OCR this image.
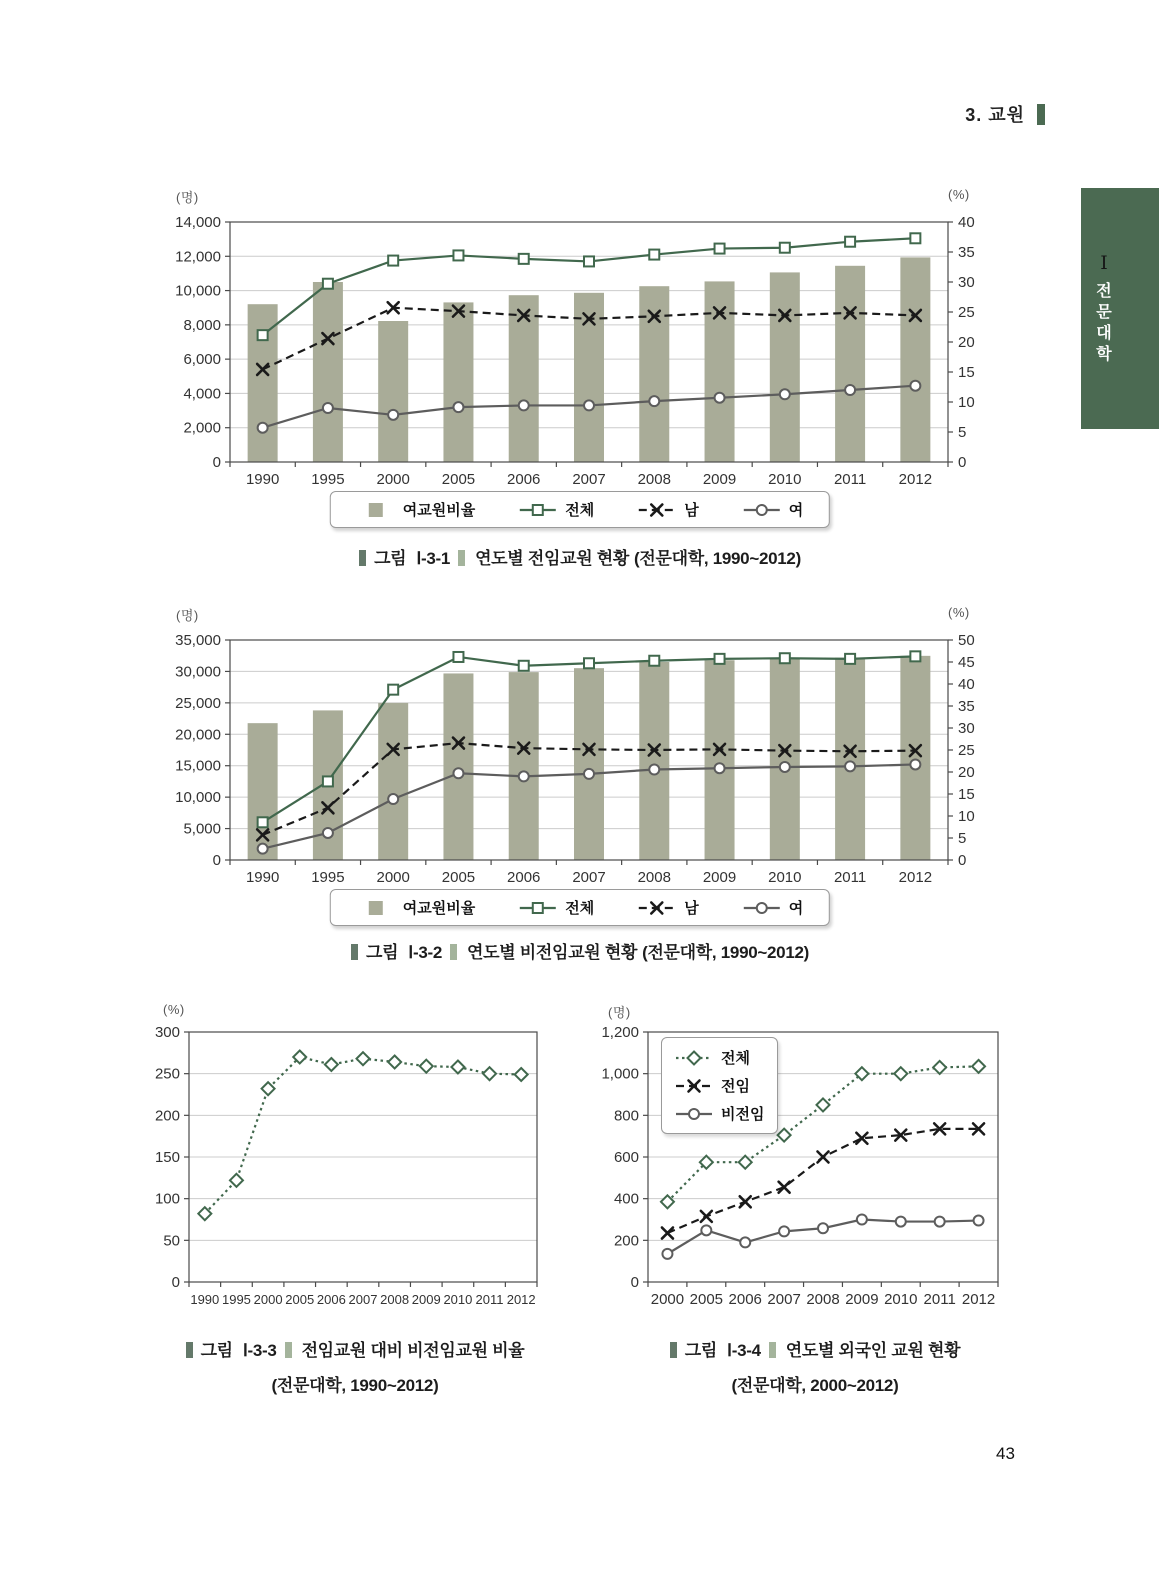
3. 교원
Ⅰ
전
문
대
학
(명)	(%)
0
2,000
4,000
6,000
8,000
10,000
12,000
14,000
0
5
10
15
20
25
30
35
40
1990 1995 2000 2005 2006 2007 2008 2009 2010 2011 2012
여교원비율	전체	남	여
그림 Ⅰ-3-1 연도별 전임교원 현황 (전문대학, 1990~2012)
(명)	(%)
0
5,000
10,000
15,000
20,000
25,000
30,000
35,000
0
5
10
15
20
25
30
35
40
45
50
1990 1995 2000 2005 2006 2007 2008 2009 2010 2011 2012
여교원비율	전체	남	여
그림 Ⅰ-3-2 연도별 비전임교원 현황 (전문대학, 1990~2012)
(%)
0
50
100
150
200
250
300
1990 1995 2000 2005 2006 2007 2008 2009 2010 2011 2012
그림 Ⅰ-3-3 전임교원 대비 비전임교원 비율
(전문대학, 1990~2012)
(명)
0
200
400
600
800
1,000
1,200
2000 2005 2006 2007 2008 2009 2010 2011 2012
전체
전임
비전임
그림 Ⅰ-3-4 연도별 외국인 교원 현황
(전문대학, 2000~2012)
43
